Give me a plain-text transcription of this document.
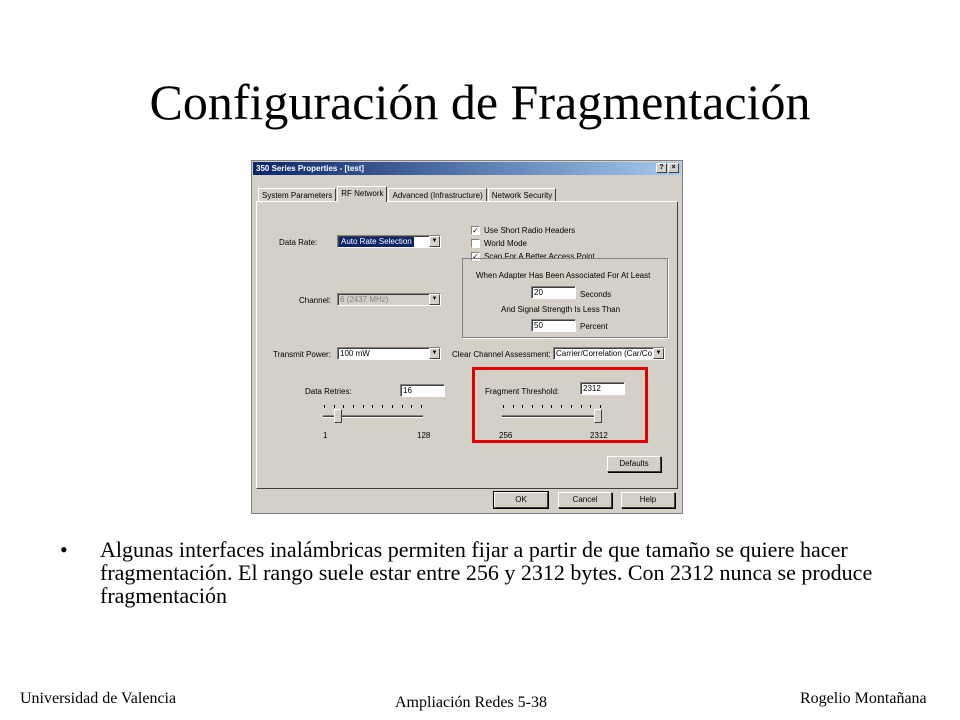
Configuración de Fragmentación
350 Series Properties - [test]	?	×
System Parameters	RF Network	Advanced (Infrastructure)	Network Security
Data Rate:	Auto Rate Selection	▼
Channel: 6 (2437 MHz)	▼
Transmit Power: 100 mW	▼
✓ Use Short Radio Headers
World Mode
✓ Scan For A Better Access Point
When Adapter Has Been Associated For At Least
20	Seconds
And Signal Strength Is Less Than
50	Percent
Clear Channel Assessment: Carrier/Correlation (Car/Co ▼
Data Retries:	16
1	128
Fragment Threshold:	2312
256	2312
Defaults
OK	Cancel	Help
• Algunas interfaces inalámbricas permiten fijar a partir de que tamaño se quiere hacer fragmentación. El rango suele estar entre 256 y 2312 bytes. Con 2312 nunca se produce fragmentación
Universidad de Valencia	Ampliación Redes 5-38	Rogelio Montañana
